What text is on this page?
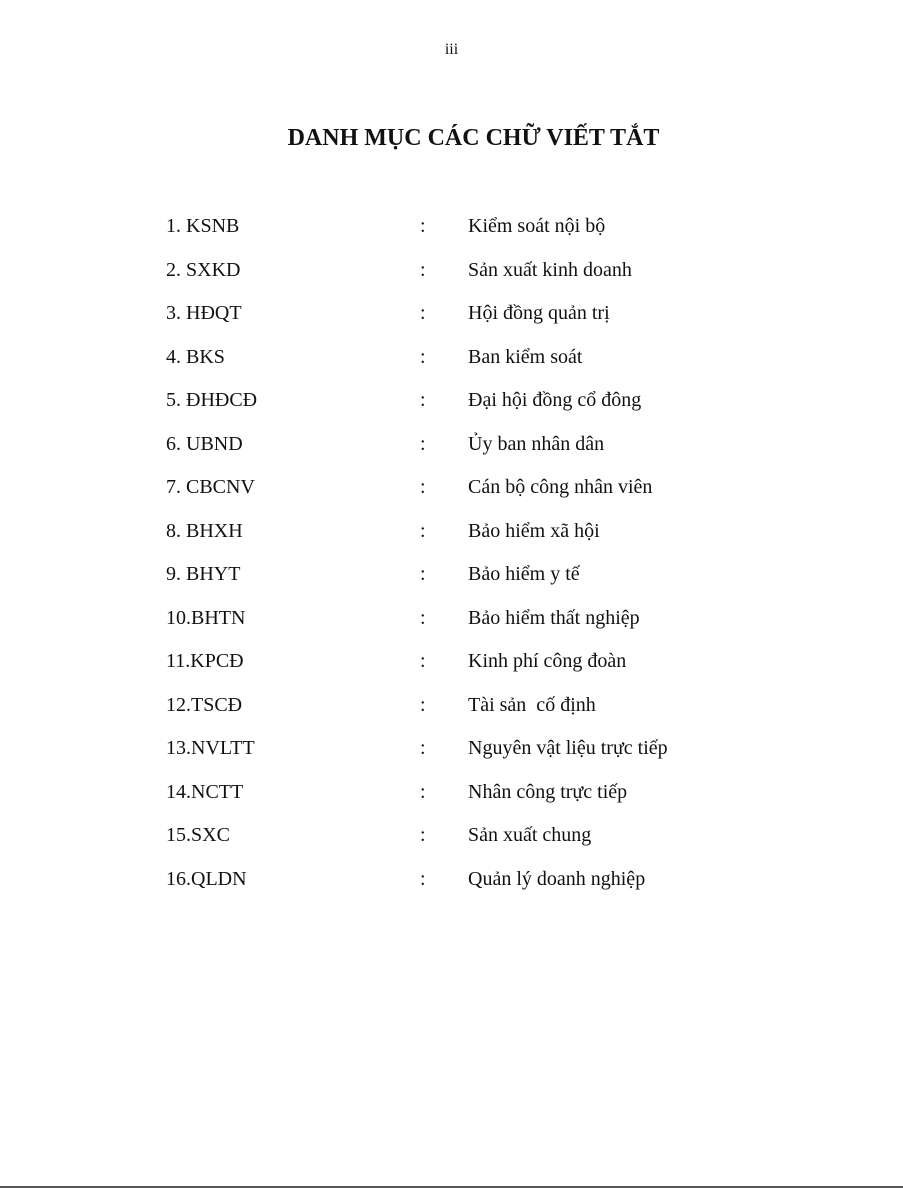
iii
DANH MỤC CÁC CHỮ VIẾT TẮT
1. KSNB	:	Kiểm soát nội bộ
2. SXKD	:	Sản xuất kinh doanh
3. HĐQT	:	Hội đồng quản trị
4. BKS	:	Ban kiểm soát
5. ĐHĐCĐ	:	Đại hội đồng cổ đông
6. UBND	:	Ủy ban nhân dân
7. CBCNV	:	Cán bộ công nhân viên
8. BHXH	:	Bảo hiểm xã hội
9. BHYT	:	Bảo hiểm y tế
10.BHTN	:	Bảo hiểm thất nghiệp
11.KPCĐ	:	Kinh phí công đoàn
12.TSCĐ	:	Tài sản  cố định
13.NVLTT	:	Nguyên vật liệu trực tiếp
14.NCTT	:	Nhân công trực tiếp
15.SXC	:	Sản xuất chung
16.QLDN	:	Quản lý doanh nghiệp
